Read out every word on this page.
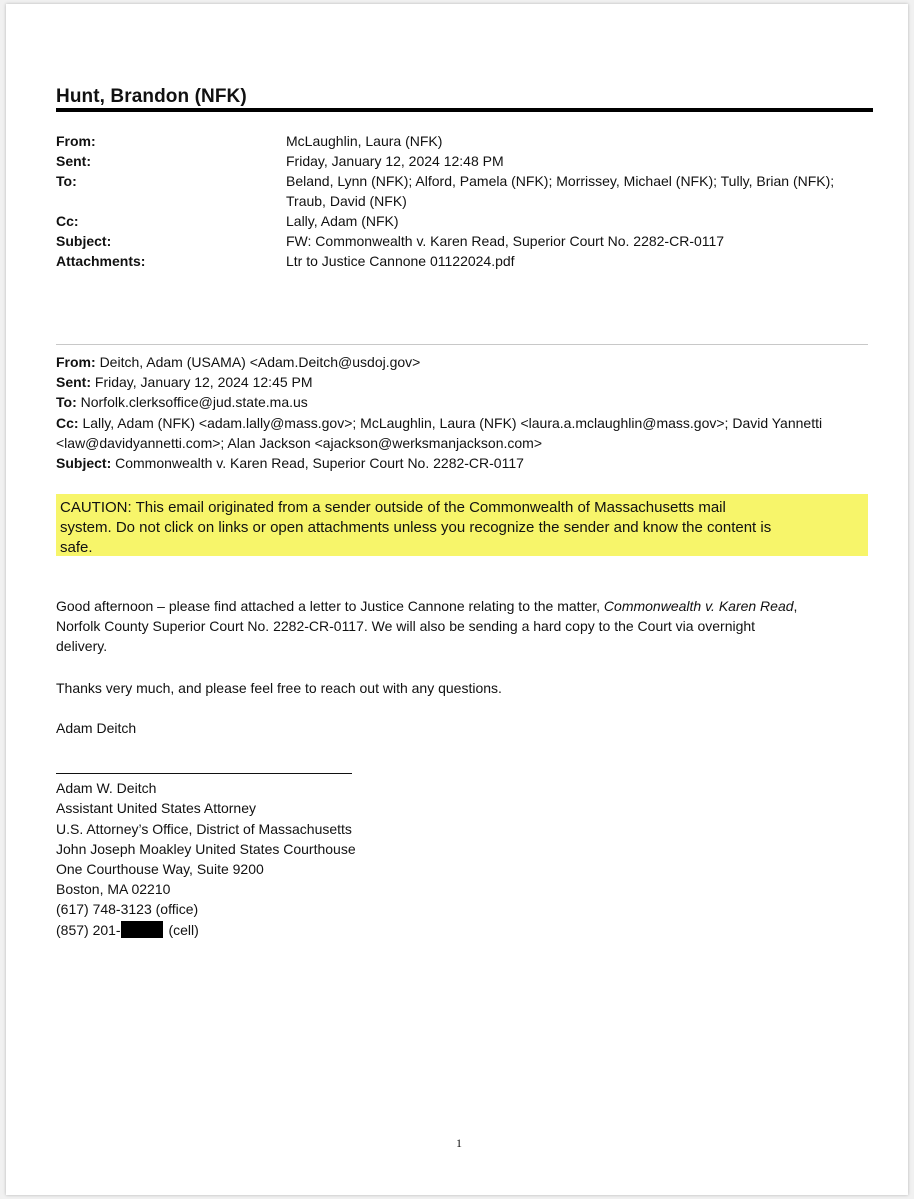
Hunt, Brandon (NFK)
From:	McLaughlin, Laura (NFK)
Sent:	Friday, January 12, 2024 12:48 PM
To:	Beland, Lynn (NFK); Alford, Pamela (NFK); Morrissey, Michael (NFK); Tully, Brian (NFK);
Traub, David (NFK)
Cc:	Lally, Adam (NFK)
Subject:	FW: Commonwealth v. Karen Read, Superior Court No. 2282-CR-0117
Attachments:	Ltr to Justice Cannone 01122024.pdf
From: Deitch, Adam (USAMA) <Adam.Deitch@usdoj.gov>
Sent: Friday, January 12, 2024 12:45 PM
To: Norfolk.clerksoffice@jud.state.ma.us
Cc: Lally, Adam (NFK) <adam.lally@mass.gov>; McLaughlin, Laura (NFK) <laura.a.mclaughlin@mass.gov>; David Yannetti
<law@davidyannetti.com>; Alan Jackson <ajackson@werksmanjackson.com>
Subject: Commonwealth v. Karen Read, Superior Court No. 2282-CR-0117
CAUTION: This email originated from a sender outside of the Commonwealth of Massachusetts mail
system. Do not click on links or open attachments unless you recognize the sender and know the content is
safe.
Good afternoon – please find attached a letter to Justice Cannone relating to the matter, Commonwealth v. Karen Read,
Norfolk County Superior Court No. 2282-CR-0117. We will also be sending a hard copy to the Court via overnight
delivery.
Thanks very much, and please feel free to reach out with any questions.
Adam Deitch
Adam W. Deitch
Assistant United States Attorney
U.S. Attorney’s Office, District of Massachusetts
John Joseph Moakley United States Courthouse
One Courthouse Way, Suite 9200
Boston, MA 02210
(617) 748-3123 (office)
(857) 201-	(cell)
1
